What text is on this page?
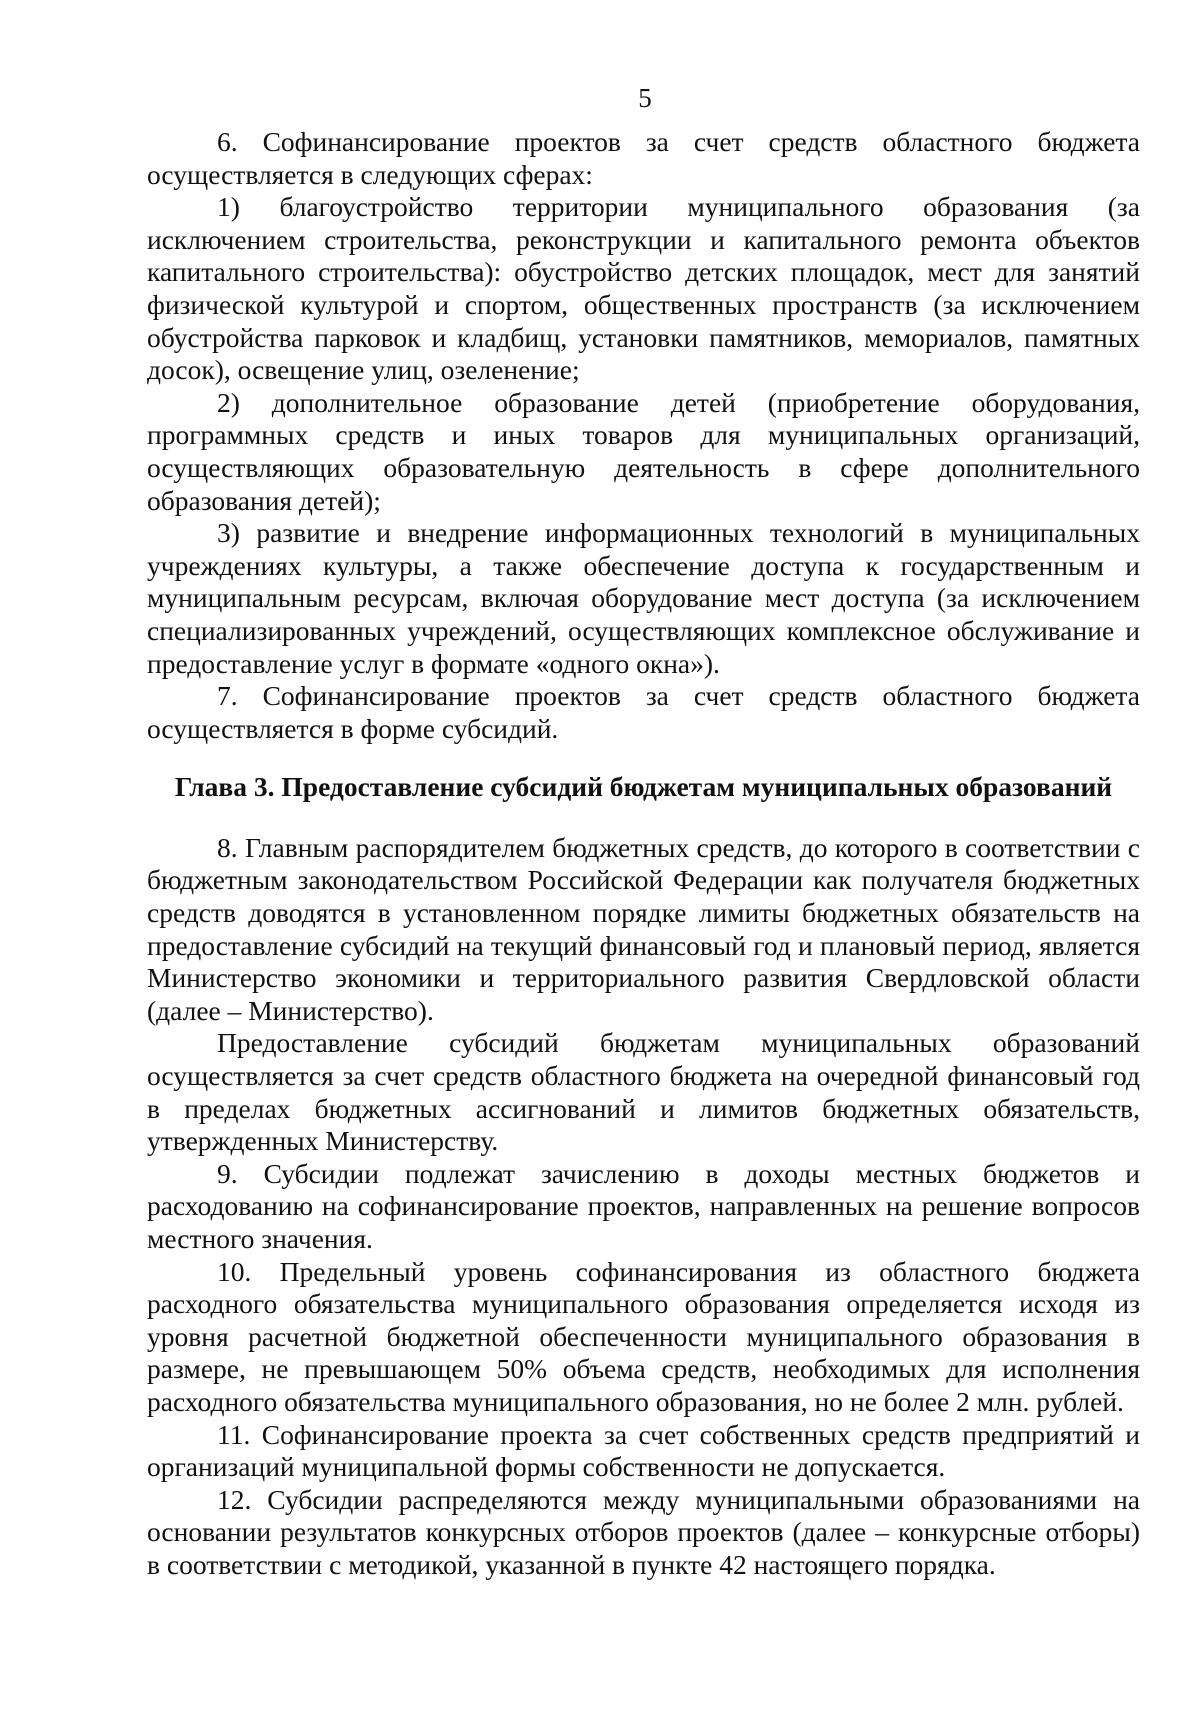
5

6. Софинансирование проектов за счет средств областного бюджета осуществляется в следующих сферах:

1) благоустройство территории муниципального образования (за исключением строительства, реконструкции и капитального ремонта объектов капитального строительства): обустройство детских площадок, мест для занятий физической культурой и спортом, общественных пространств (за исключением обустройства парковок и кладбищ, установки памятников, мемориалов, памятных досок), освещение улиц, озеленение;

2) дополнительное образование детей (приобретение оборудования, программных средств и иных товаров для муниципальных организаций, осуществляющих образовательную деятельность в сфере дополнительного образования детей);

3) развитие и внедрение информационных технологий в муниципальных учреждениях культуры, а также обеспечение доступа к государственным и муниципальным ресурсам, включая оборудование мест доступа (за исключением специализированных учреждений, осуществляющих комплексное обслуживание и предоставление услуг в формате «одного окна»).

7. Софинансирование проектов за счет средств областного бюджета осуществляется в форме субсидий.

Глава 3. Предоставление субсидий бюджетам муниципальных образований

8. Главным распорядителем бюджетных средств, до которого в соответствии с бюджетным законодательством Российской Федерации как получателя бюджетных средств доводятся в установленном порядке лимиты бюджетных обязательств на предоставление субсидий на текущий финансовый год и плановый период, является Министерство экономики и территориального развития Свердловской области (далее – Министерство).

Предоставление субсидий бюджетам муниципальных образований осуществляется за счет средств областного бюджета на очередной финансовый год в пределах бюджетных ассигнований и лимитов бюджетных обязательств, утвержденных Министерству.

9. Субсидии подлежат зачислению в доходы местных бюджетов и расходованию на софинансирование проектов, направленных на решение вопросов местного значения.

10. Предельный уровень софинансирования из областного бюджета расходного обязательства муниципального образования определяется исходя из уровня расчетной бюджетной обеспеченности муниципального образования в размере, не превышающем 50% объема средств, необходимых для исполнения расходного обязательства муниципального образования, но не более 2 млн. рублей.

11. Софинансирование проекта за счет собственных средств предприятий и организаций муниципальной формы собственности не допускается.

12. Субсидии распределяются между муниципальными образованиями на основании результатов конкурсных отборов проектов (далее – конкурсные отборы) в соответствии с методикой, указанной в пункте 42 настоящего порядка.
